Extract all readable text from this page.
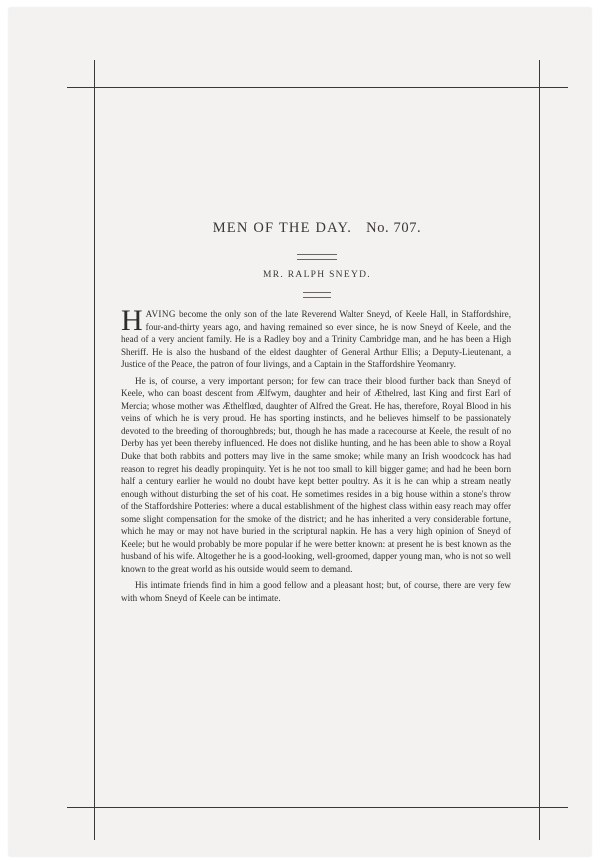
MEN OF THE DAY. No. 707.
MR. RALPH SNEYD.

HAVING become the only son of the late Reverend Walter Sneyd, of Keele Hall, in Staffordshire, four-and-thirty years ago, and having remained so ever since, he is now Sneyd of Keele, and the head of a very ancient family. He is a Radley boy and a Trinity Cambridge man, and he has been a High Sheriff. He is also the husband of the eldest daughter of General Arthur Ellis; a Deputy-Lieutenant, a Justice of the Peace, the patron of four livings, and a Captain in the Staffordshire Yeomanry.

He is, of course, a very important person; for few can trace their blood further back than Sneyd of Keele, who can boast descent from Ælfwym, daughter and heir of Æthelred, last King and first Earl of Mercia; whose mother was Æthelflœd, daughter of Alfred the Great. He has, therefore, Royal Blood in his veins of which he is very proud. He has sporting instincts, and he believes himself to be passionately devoted to the breeding of thoroughbreds; but, though he has made a racecourse at Keele, the result of no Derby has yet been thereby influenced. He does not dislike hunting, and he has been able to show a Royal Duke that both rabbits and potters may live in the same smoke; while many an Irish woodcock has had reason to regret his deadly propinquity. Yet is he not too small to kill bigger game; and had he been born half a century earlier he would no doubt have kept better poultry. As it is he can whip a stream neatly enough without disturbing the set of his coat. He sometimes resides in a big house within a stone's throw of the Staffordshire Potteries: where a ducal establishment of the highest class within easy reach may offer some slight compensation for the smoke of the district; and he has inherited a very considerable fortune, which he may or may not have buried in the scriptural napkin. He has a very high opinion of Sneyd of Keele; but he would probably be more popular if he were better known: at present he is best known as the husband of his wife. Altogether he is a good-looking, well-groomed, dapper young man, who is not so well known to the great world as his outside would seem to demand.

His intimate friends find in him a good fellow and a pleasant host; but, of course, there are very few with whom Sneyd of Keele can be intimate.
